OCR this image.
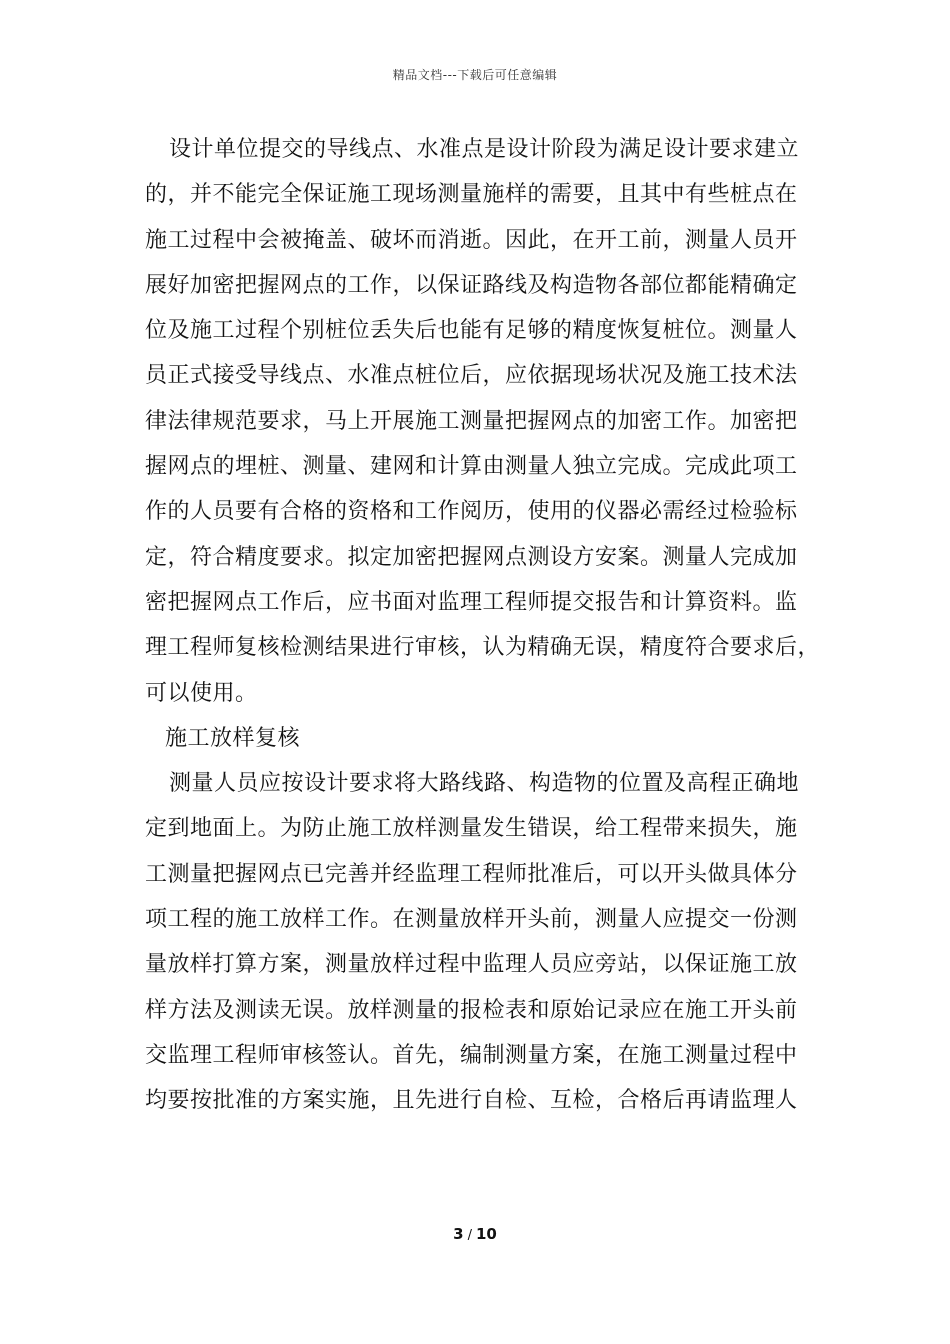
精品文档---下载后可任意编辑
设计单位提交的导线点、水准点是设计阶段为满足设计要求建立
的，并不能完全保证施工现场测量施样的需要，且其中有些桩点在
施工过程中会被掩盖、破坏而消逝。因此，在开工前，测量人员开
展好加密把握网点的工作，以保证路线及构造物各部位都能精确定
位及施工过程个别桩位丢失后也能有足够的精度恢复桩位。测量人
员正式接受导线点、水准点桩位后，应依据现场状况及施工技术法
律法律规范要求，马上开展施工测量把握网点的加密工作。加密把
握网点的埋桩、测量、建网和计算由测量人独立完成。完成此项工
作的人员要有合格的资格和工作阅历，使用的仪器必需经过检验标
定，符合精度要求。拟定加密把握网点测设方安案。测量人完成加
密把握网点工作后，应书面对监理工程师提交报告和计算资料。监
理工程师复核检测结果进行审核，认为精确无误，精度符合要求后，
可以使用。
施工放样复核
测量人员应按设计要求将大路线路、构造物的位置及高程正确地
定到地面上。为防止施工放样测量发生错误，给工程带来损失，施
工测量把握网点已完善并经监理工程师批准后，可以开头做具体分
项工程的施工放样工作。在测量放样开头前，测量人应提交一份测
量放样打算方案，测量放样过程中监理人员应旁站，以保证施工放
样方法及测读无误。放样测量的报检表和原始记录应在施工开头前
交监理工程师审核签认。首先，编制测量方案，在施工测量过程中
均要按批准的方案实施，且先进行自检、互检，合格后再请监理人
3 / 10
